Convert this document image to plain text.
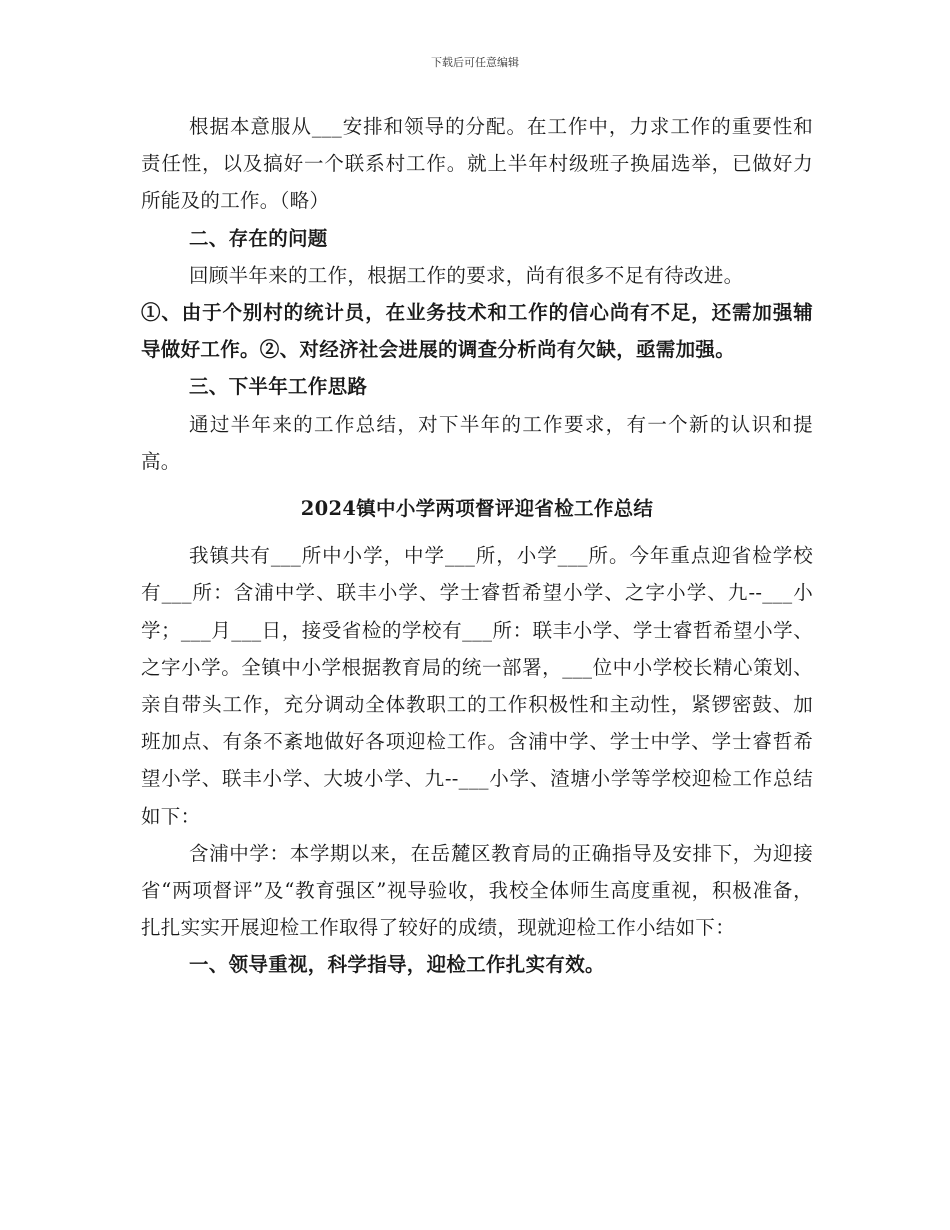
下载后可任意编辑

根据本意服从___安排和领导的分配。在工作中，力求工作的重要性和责任性，以及搞好一个联系村工作。就上半年村级班子换届选举，已做好力所能及的工作。（略）

二、存在的问题

回顾半年来的工作，根据工作的要求，尚有很多不足有待改进。

①、由于个别村的统计员，在业务技术和工作的信心尚有不足，还需加强辅导做好工作。②、对经济社会进展的调查分析尚有欠缺，亟需加强。

三、下半年工作思路

通过半年来的工作总结，对下半年的工作要求，有一个新的认识和提高。

2024镇中小学两项督评迎省检工作总结

我镇共有___所中小学，中学___所，小学___所。今年重点迎省检学校有___所：含浦中学、联丰小学、学士睿哲希望小学、之字小学、九--___小学；___月___日，接受省检的学校有___所：联丰小学、学士睿哲希望小学、之字小学。全镇中小学根据教育局的统一部署，___位中小学校长精心策划、亲自带头工作，充分调动全体教职工的工作积极性和主动性，紧锣密鼓、加班加点、有条不紊地做好各项迎检工作。含浦中学、学士中学、学士睿哲希望小学、联丰小学、大坡小学、九--___小学、渣塘小学等学校迎检工作总结如下：

含浦中学：本学期以来，在岳麓区教育局的正确指导及安排下，为迎接省“两项督评”及“教育强区”视导验收，我校全体师生高度重视，积极准备，扎扎实实开展迎检工作取得了较好的成绩，现就迎检工作小结如下：

一、领导重视，科学指导，迎检工作扎实有效。
